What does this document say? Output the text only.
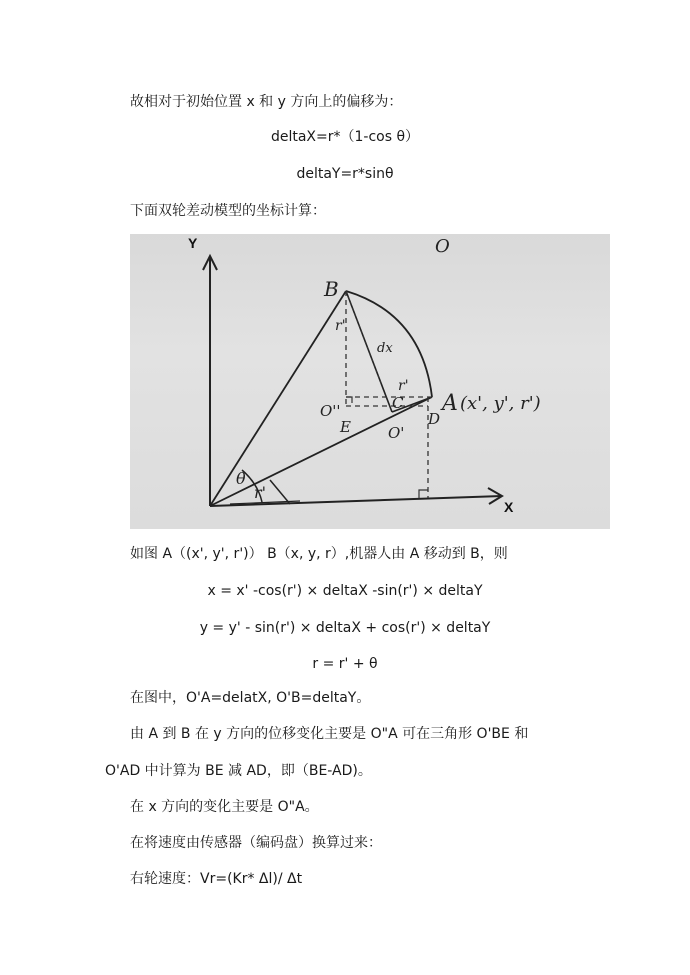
故相对于初始位置 x 和 y 方向上的偏移为：
deltaX=r*（1-cos θ）
deltaY=r*sinθ
下面双轮差动模型的坐标计算：
Y
X
O
B
A (x', y', r')
θ
r'
r'
r'
O''
E
C
O'
D
dx
如图 A（(x', y', r')） B（x, y, r）,机器人由 A 移动到 B，则
x = x' -cos(r') × deltaX -sin(r') × deltaY
y = y' - sin(r') × deltaX + cos(r') × deltaY
r = r' + θ
在图中，O'A=delatX, O'B=deltaY。
由 A 到 B 在 y 方向的位移变化主要是 O"A 可在三角形 O'BE 和
O'AD 中计算为 BE 减 AD，即（BE-AD)。
在 x 方向的变化主要是 O"A。
在将速度由传感器（编码盘）换算过来：
右轮速度：Vr=(Kr* Δl)/ Δt
